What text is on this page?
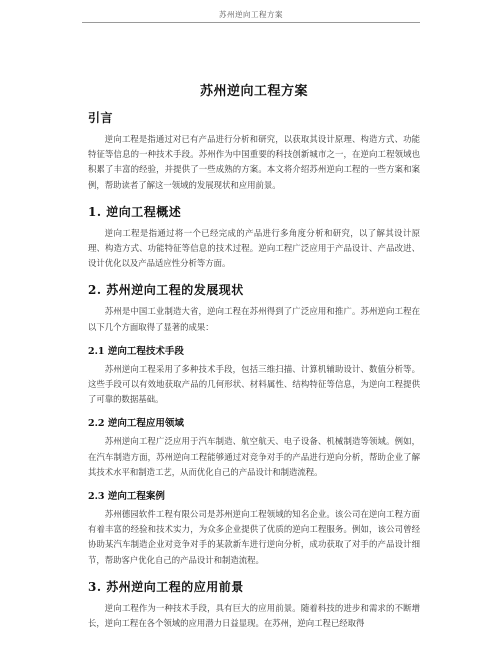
苏州逆向工程方案
苏州逆向工程方案
引言

逆向工程是指通过对已有产品进行分析和研究，以获取其设计原理、构造方式、功能特征等信息的一种技术手段。苏州作为中国重要的科技创新城市之一，在逆向工程领域也积累了丰富的经验，并提供了一些成熟的方案。本文将介绍苏州逆向工程的一些方案和案例，帮助读者了解这一领域的发展现状和应用前景。

1. 逆向工程概述

逆向工程是指通过将一个已经完成的产品进行多角度分析和研究，以了解其设计原理、构造方式、功能特征等信息的技术过程。逆向工程广泛应用于产品设计、产品改进、设计优化以及产品适应性分析等方面。

2. 苏州逆向工程的发展现状

苏州是中国工业制造大省，逆向工程在苏州得到了广泛应用和推广。苏州逆向工程在以下几个方面取得了显著的成果：

2.1 逆向工程技术手段

苏州逆向工程采用了多种技术手段，包括三维扫描、计算机辅助设计、数值分析等。这些手段可以有效地获取产品的几何形状、材料属性、结构特征等信息，为逆向工程提供了可靠的数据基础。

2.2 逆向工程应用领域

苏州逆向工程广泛应用于汽车制造、航空航天、电子设备、机械制造等领域。例如，在汽车制造方面，苏州逆向工程能够通过对竞争对手的产品进行逆向分析，帮助企业了解其技术水平和制造工艺，从而优化自己的产品设计和制造流程。

2.3 逆向工程案例

苏州德园软件工程有限公司是苏州逆向工程领域的知名企业。该公司在逆向工程方面有着丰富的经验和技术实力，为众多企业提供了优质的逆向工程服务。例如，该公司曾经协助某汽车制造企业对竞争对手的某款新车进行逆向分析，成功获取了对手的产品设计细节，帮助客户优化自己的产品设计和制造流程。

3. 苏州逆向工程的应用前景

逆向工程作为一种技术手段，具有巨大的应用前景。随着科技的进步和需求的不断增长，逆向工程在各个领域的应用潜力日益显现。在苏州，逆向工程已经取得
